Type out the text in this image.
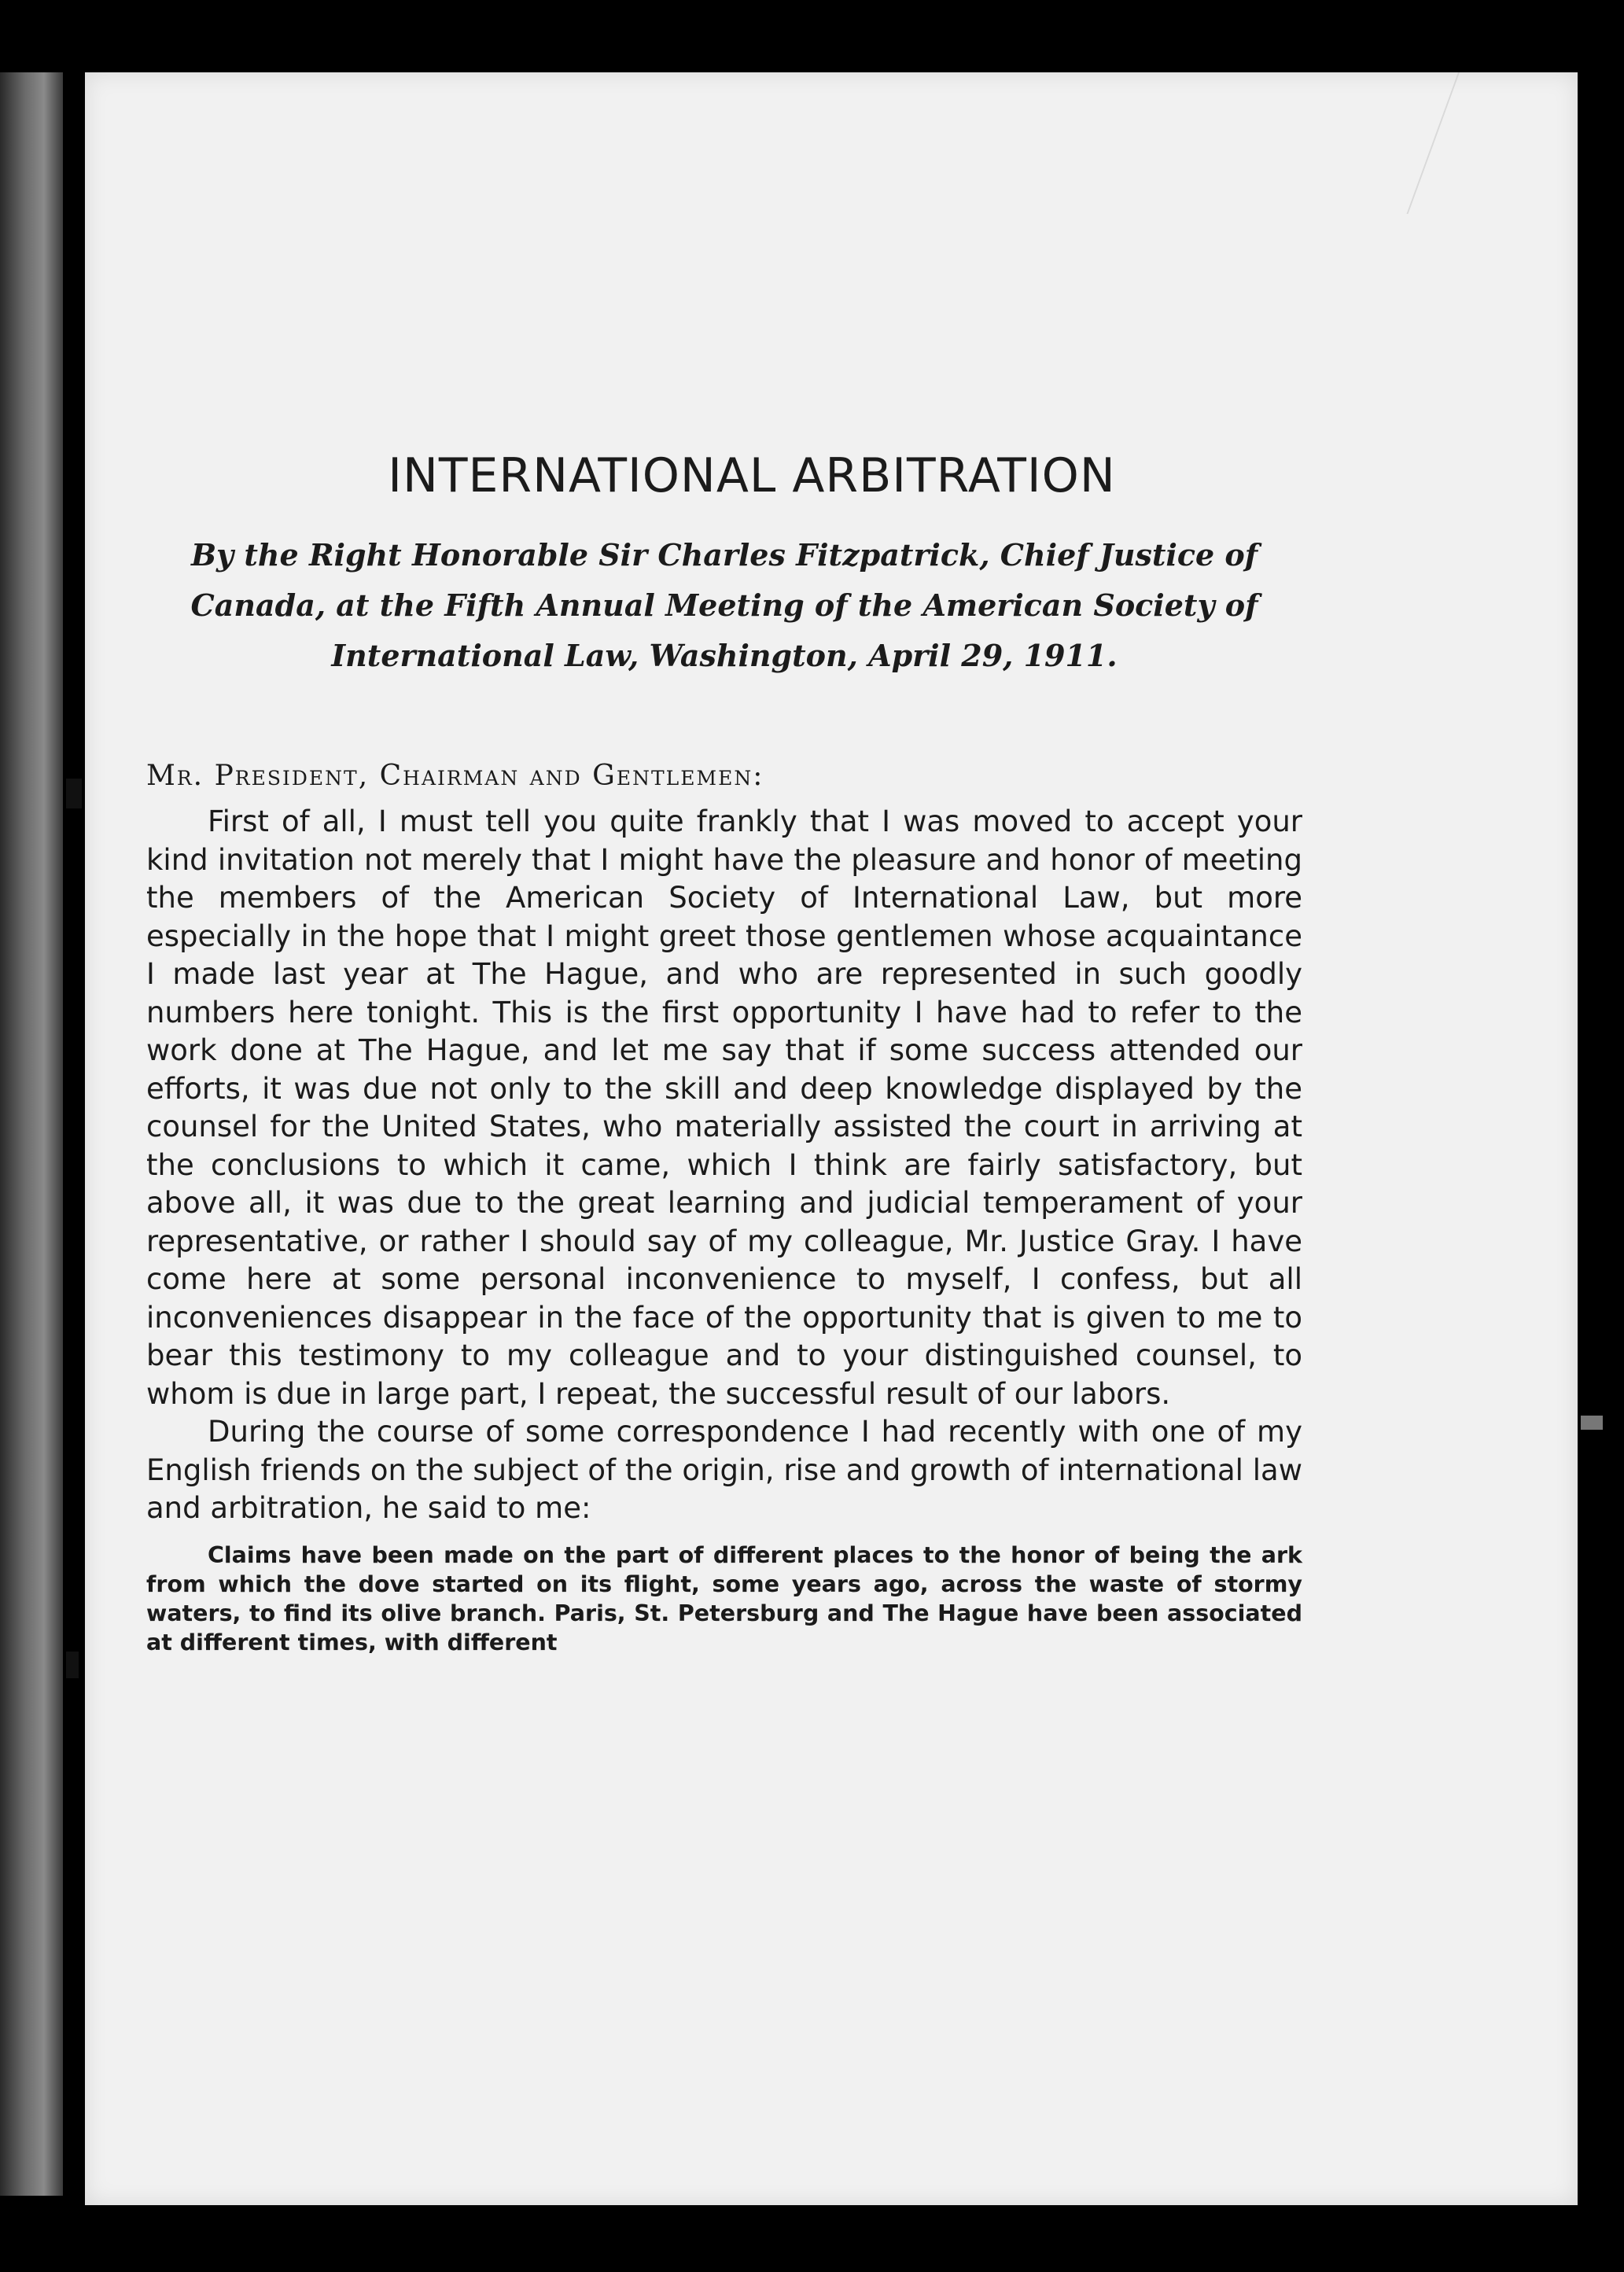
INTERNATIONAL ARBITRATION
By the Right Honorable Sir Charles Fitzpatrick, Chief Justice of Canada, at the Fifth Annual Meeting of the American Society of International Law, Washington, April 29, 1911.
Mr. President, Chairman and Gentlemen:

First of all, I must tell you quite frankly that I was moved to accept your kind invitation not merely that I might have the pleasure and honor of meeting the members of the American Society of International Law, but more especially in the hope that I might greet those gentlemen whose acquaintance I made last year at The Hague, and who are represented in such goodly numbers here tonight. This is the first opportunity I have had to refer to the work done at The Hague, and let me say that if some success attended our efforts, it was due not only to the skill and deep knowledge displayed by the counsel for the United States, who materially assisted the court in arriving at the conclusions to which it came, which I think are fairly satisfactory, but above all, it was due to the great learning and judicial temperament of your representative, or rather I should say of my colleague, Mr. Justice Gray. I have come here at some personal inconvenience to myself, I confess, but all inconveniences disappear in the face of the opportunity that is given to me to bear this testimony to my colleague and to your distinguished counsel, to whom is due in large part, I repeat, the successful result of our labors.

During the course of some correspondence I had recently with one of my English friends on the subject of the origin, rise and growth of international law and arbitration, he said to me:

Claims have been made on the part of different places to the honor of being the ark from which the dove started on its flight, some years ago, across the waste of stormy waters, to find its olive branch. Paris, St. Petersburg and The Hague have been associated at different times, with different
